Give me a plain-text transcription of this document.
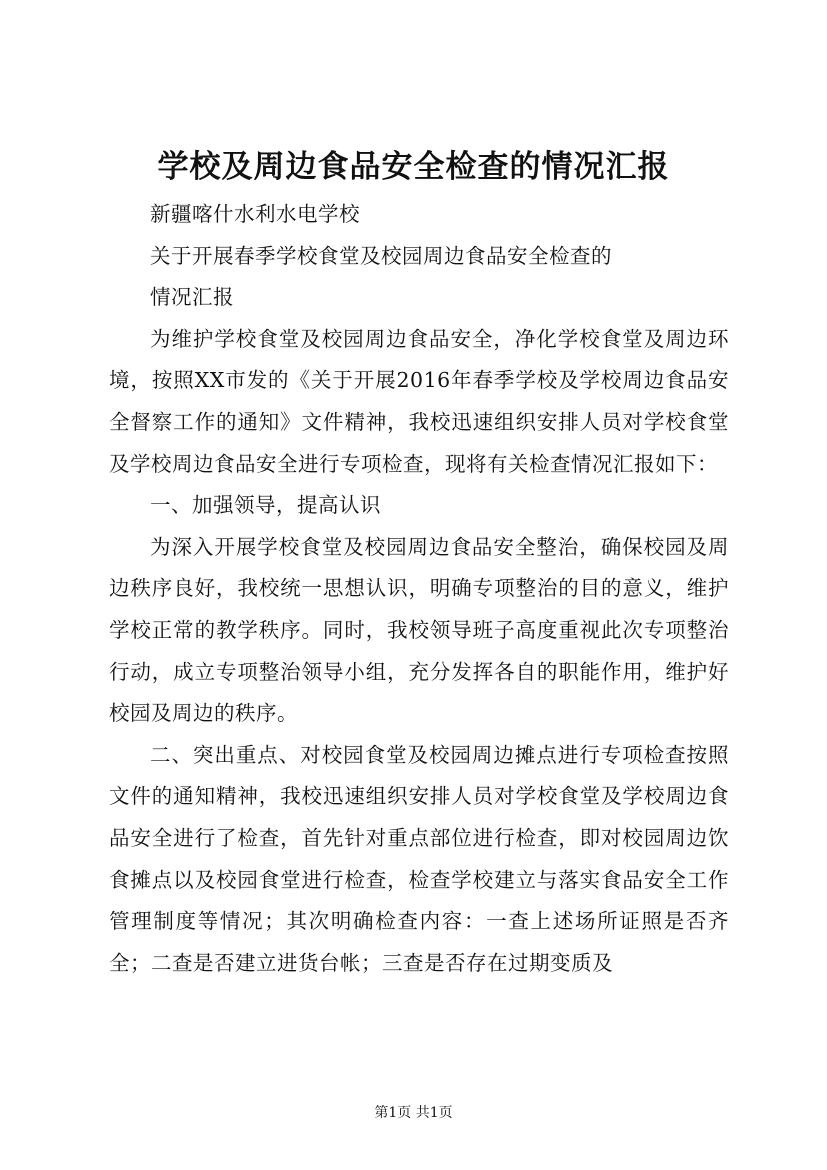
学校及周边食品安全检查的情况汇报

新疆喀什水利水电学校

关于开展春季学校食堂及校园周边食品安全检查的

情况汇报

为维护学校食堂及校园周边食品安全，净化学校食堂及周边环境，按照XX市发的《关于开展2016年春季学校及学校周边食品安全督察工作的通知》文件精神，我校迅速组织安排人员对学校食堂及学校周边食品安全进行专项检查，现将有关检查情况汇报如下：

一、加强领导，提高认识

为深入开展学校食堂及校园周边食品安全整治，确保校园及周边秩序良好，我校统一思想认识，明确专项整治的目的意义，维护学校正常的教学秩序。同时，我校领导班子高度重视此次专项整治行动，成立专项整治领导小组，充分发挥各自的职能作用，维护好校园及周边的秩序。

二、突出重点、对校园食堂及校园周边摊点进行专项检查按照文件的通知精神，我校迅速组织安排人员对学校食堂及学校周边食品安全进行了检查，首先针对重点部位进行检查，即对校园周边饮食摊点以及校园食堂进行检查，检查学校建立与落实食品安全工作管理制度等情况；其次明确检查内容：一查上述场所证照是否齐全；二查是否建立进货台帐；三查是否存在过期变质及

第1页 共1页
